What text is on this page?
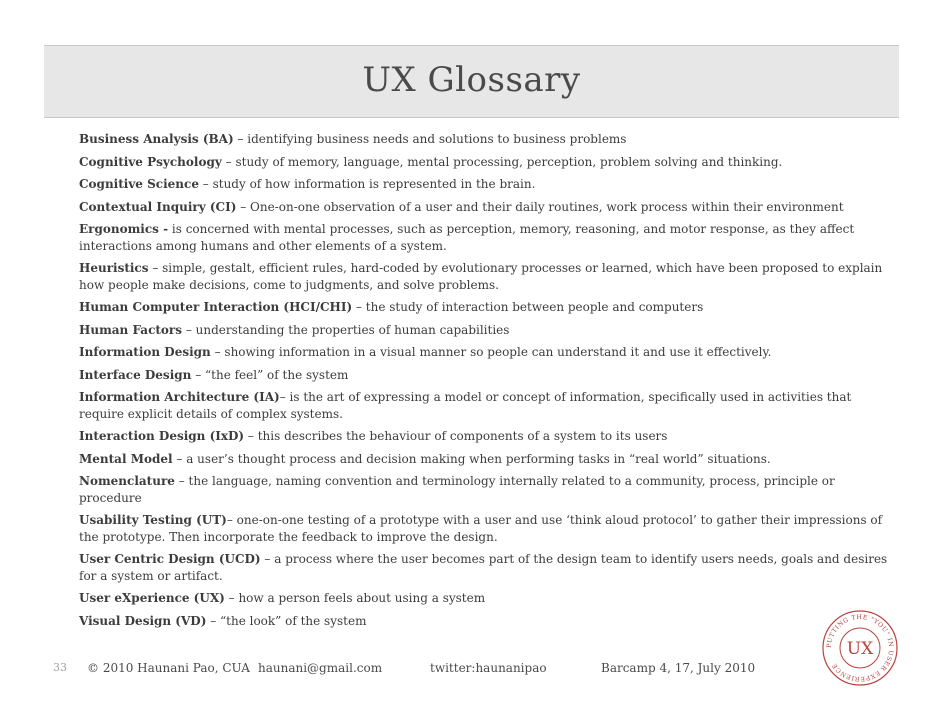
UX Glossary
Business Analysis (BA) – identifying business needs and solutions to business problems
Cognitive Psychology – study of memory, language, mental processing, perception, problem solving and thinking.
Cognitive Science – study of how information is represented in the brain.
Contextual Inquiry (CI) – One-on-one observation of a user and their daily routines, work process within their environment
Ergonomics - is concerned with mental processes, such as perception, memory, reasoning, and motor response, as they affect interactions among humans and other elements of a system.
Heuristics – simple, gestalt, efficient rules, hard-coded by evolutionary processes or learned, which have been proposed to explain how people make decisions, come to judgments, and solve problems.
Human Computer Interaction (HCI/CHI) – the study of interaction between people and computers
Human Factors – understanding the properties of human capabilities
Information Design – showing information in a visual manner so people can understand it and use it effectively.
Interface Design – “the feel” of the system
Information Architecture (IA)– is the art of expressing a model or concept of information, specifically used in activities that require explicit details of complex systems.
Interaction Design (IxD) – this describes the behaviour of components of a system to its users
Mental Model – a user’s thought process and decision making when performing tasks in “real world” situations.
Nomenclature – the language, naming convention and terminology internally related to a community, process, principle or procedure
Usability Testing (UT)– one-on-one testing of a prototype with a user and use ‘think aloud protocol’ to gather their impressions of the prototype. Then incorporate the feedback to improve the design.
User Centric Design (UCD) – a process where the user becomes part of the design team to identify users needs, goals and desires for a system or artifact.
User eXperience (UX) – how a person feels about using a system
Visual Design (VD) – “the look” of the system
33 © 2010 Haunani Pao, CUA haunani@gmail.com	twitter:haunanipao	Barcamp 4, 17, July 2010
PUTTING THE "YOU" IN USER EXPERIENCE
UX
